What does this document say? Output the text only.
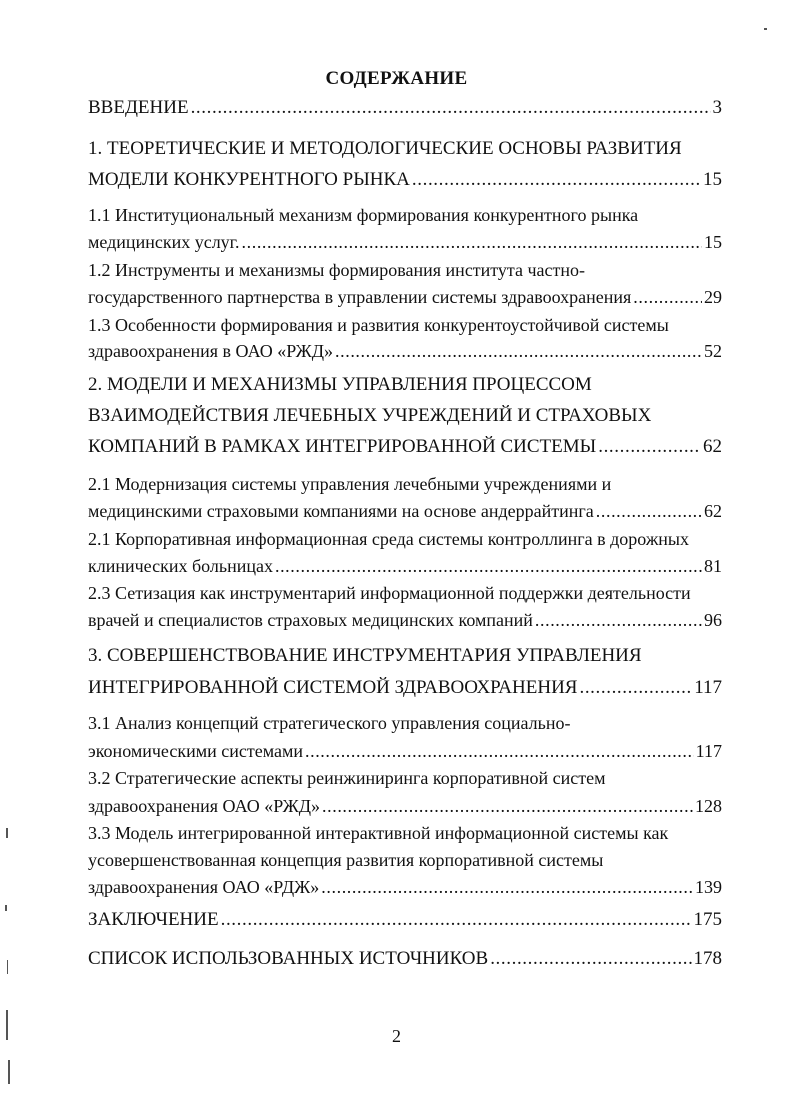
СОДЕРЖАНИЕ
ВВЕДЕНИЕ .....	3
1. ТЕОРЕТИЧЕСКИЕ И МЕТОДОЛОГИЧЕСКИЕ ОСНОВЫ РАЗВИТИЯ
МОДЕЛИ КОНКУРЕНТНОГО РЫНКА .....	15
1.1 Институциональный механизм формирования конкурентного рынка
медицинских услуг. .....	15
1.2 Инструменты и механизмы формирования института частно-
государственного партнерства в управлении системы здравоохранения .....	29
1.3 Особенности формирования и развития конкурентоустойчивой системы
здравоохранения в ОАО «РЖД» .....	52
2. МОДЕЛИ И МЕХАНИЗМЫ УПРАВЛЕНИЯ ПРОЦЕССОМ
ВЗАИМОДЕЙСТВИЯ ЛЕЧЕБНЫХ УЧРЕЖДЕНИЙ И СТРАХОВЫХ
КОМПАНИЙ В РАМКАХ ИНТЕГРИРОВАННОЙ СИСТЕМЫ .....	62
2.1 Модернизация системы управления лечебными учреждениями и
медицинскими страховыми компаниями на основе андеррайтинга .....	62
2.1 Корпоративная информационная среда системы контроллинга в дорожных
клинических больницах .....	81
2.3 Сетизация как инструментарий информационной поддержки деятельности
врачей и специалистов страховых медицинских компаний .....	96
3. СОВЕРШЕНСТВОВАНИЕ ИНСТРУМЕНТАРИЯ УПРАВЛЕНИЯ
ИНТЕГРИРОВАННОЙ СИСТЕМОЙ ЗДРАВООХРАНЕНИЯ .....	117
3.1 Анализ концепций стратегического управления социально-
экономическими системами .....	117
3.2 Стратегические аспекты реинжиниринга корпоративной систем
здравоохранения ОАО «РЖД» .....	128
3.3 Модель интегрированной интерактивной информационной системы как
усовершенствованная концепция развития корпоративной системы
здравоохранения ОАО «РДЖ» .....	139
ЗАКЛЮЧЕНИЕ .....	175
СПИСОК ИСПОЛЬЗОВАННЫХ ИСТОЧНИКОВ .....	178
2
